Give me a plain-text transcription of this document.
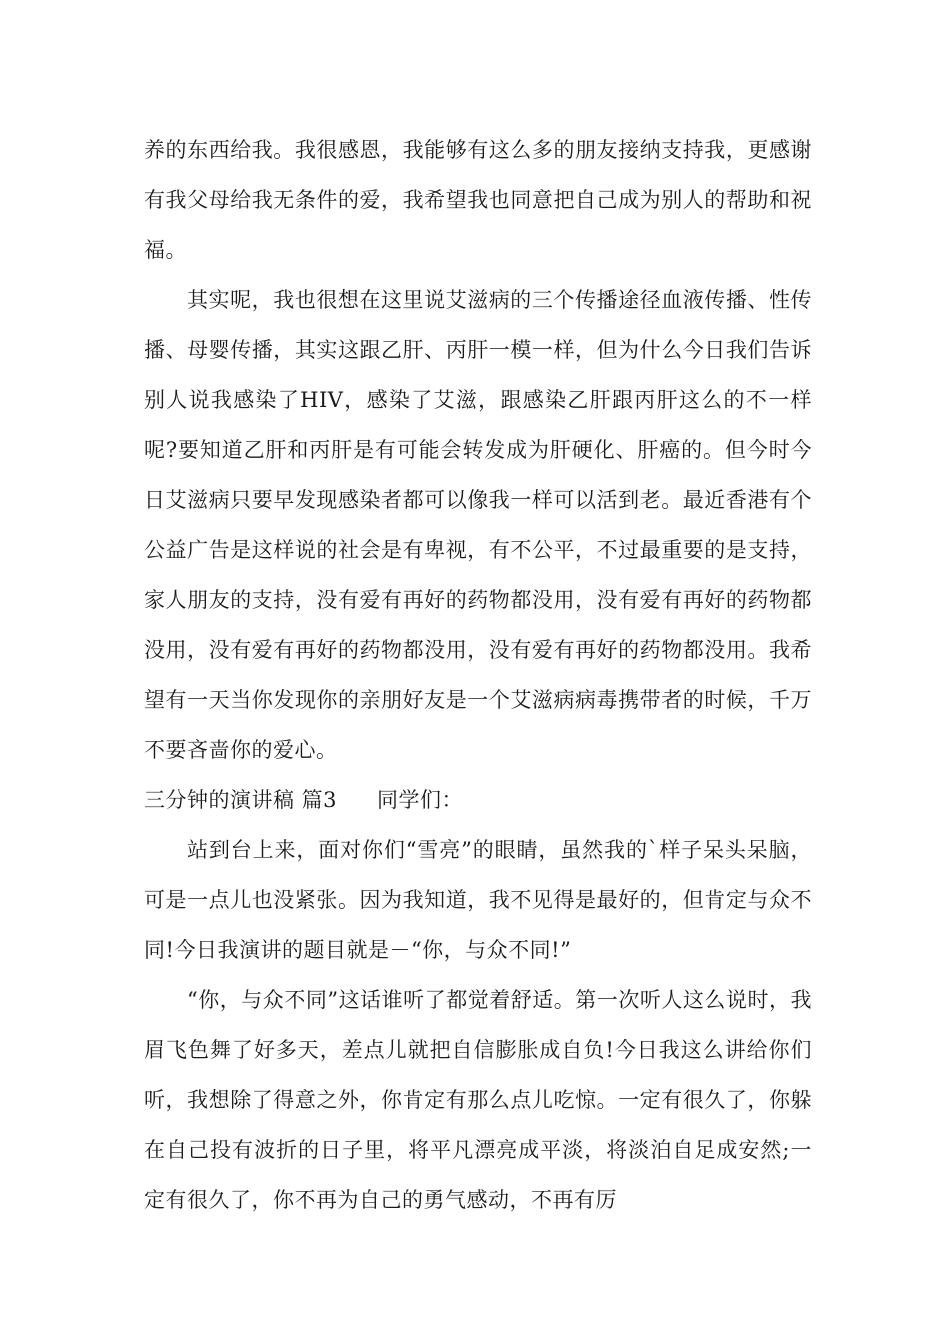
养的东西给我。我很感恩，我能够有这么多的朋友接纳支持我，更感谢有我父母给我无条件的爱，我希望我也同意把自己成为别人的帮助和祝福。

其实呢，我也很想在这里说艾滋病的三个传播途径血液传播、性传播、母婴传播，其实这跟乙肝、丙肝一模一样，但为什么今日我们告诉别人说我感染了HIV，感染了艾滋，跟感染乙肝跟丙肝这么的不一样呢?要知道乙肝和丙肝是有可能会转发成为肝硬化、肝癌的。但今时今日艾滋病只要早发现感染者都可以像我一样可以活到老。最近香港有个公益广告是这样说的社会是有卑视，有不公平，不过最重要的是支持，家人朋友的支持，没有爱有再好的药物都没用，没有爱有再好的药物都没用，没有爱有再好的药物都没用，没有爱有再好的药物都没用。我希望有一天当你发现你的亲朋好友是一个艾滋病病毒携带者的时候，千万不要吝啬你的爱心。

三分钟的演讲稿 篇3 同学们：

站到台上来，面对你们“雪亮”的眼睛，虽然我的`样子呆头呆脑，可是一点儿也没紧张。因为我知道，我不见得是最好的，但肯定与众不同!今日我演讲的题目就是－“你，与众不同!”

“你，与众不同”这话谁听了都觉着舒适。第一次听人这么说时，我眉飞色舞了好多天，差点儿就把自信膨胀成自负!今日我这么讲给你们听，我想除了得意之外，你肯定有那么点儿吃惊。一定有很久了，你躲在自己投有波折的日子里，将平凡漂亮成平淡，将淡泊自足成安然;一定有很久了，你不再为自己的勇气感动，不再有厉
